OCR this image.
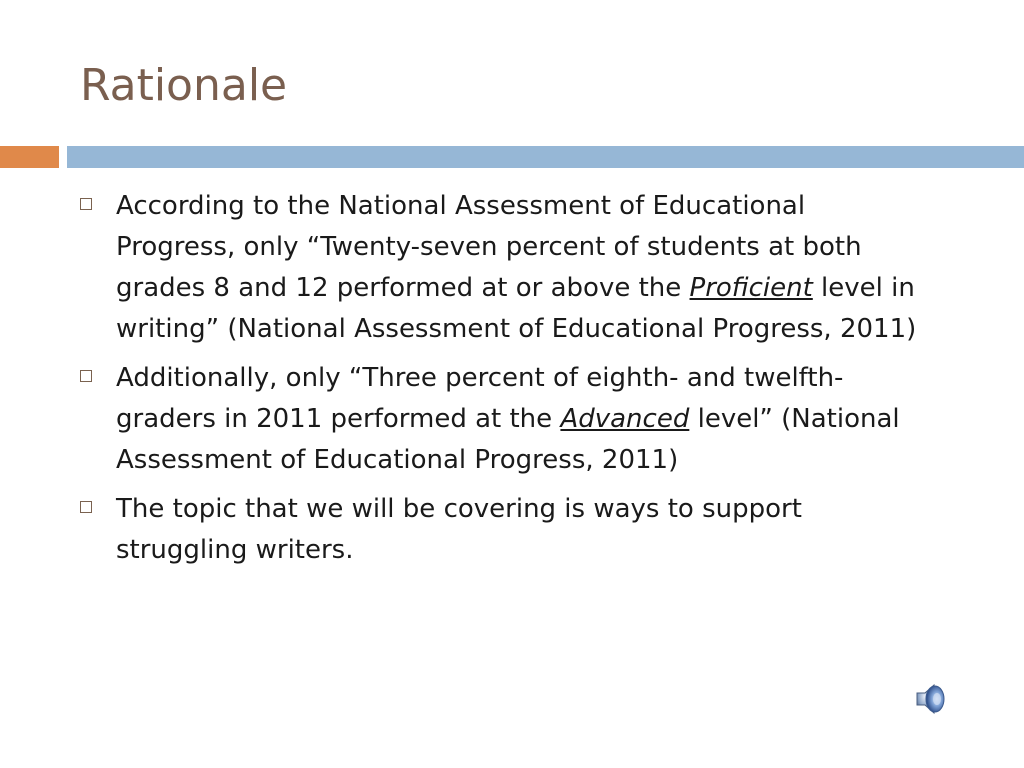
Rationale
According to the National Assessment of Educational Progress, only “Twenty-seven percent of students at both grades 8 and 12 performed at or above the Proficient level in writing” (National Assessment of Educational Progress, 2011)
Additionally, only “Three percent of eighth- and twelfth-graders in 2011 performed at the Advanced level” (National Assessment of Educational Progress, 2011)
The topic that we will be covering is ways to support struggling writers.
